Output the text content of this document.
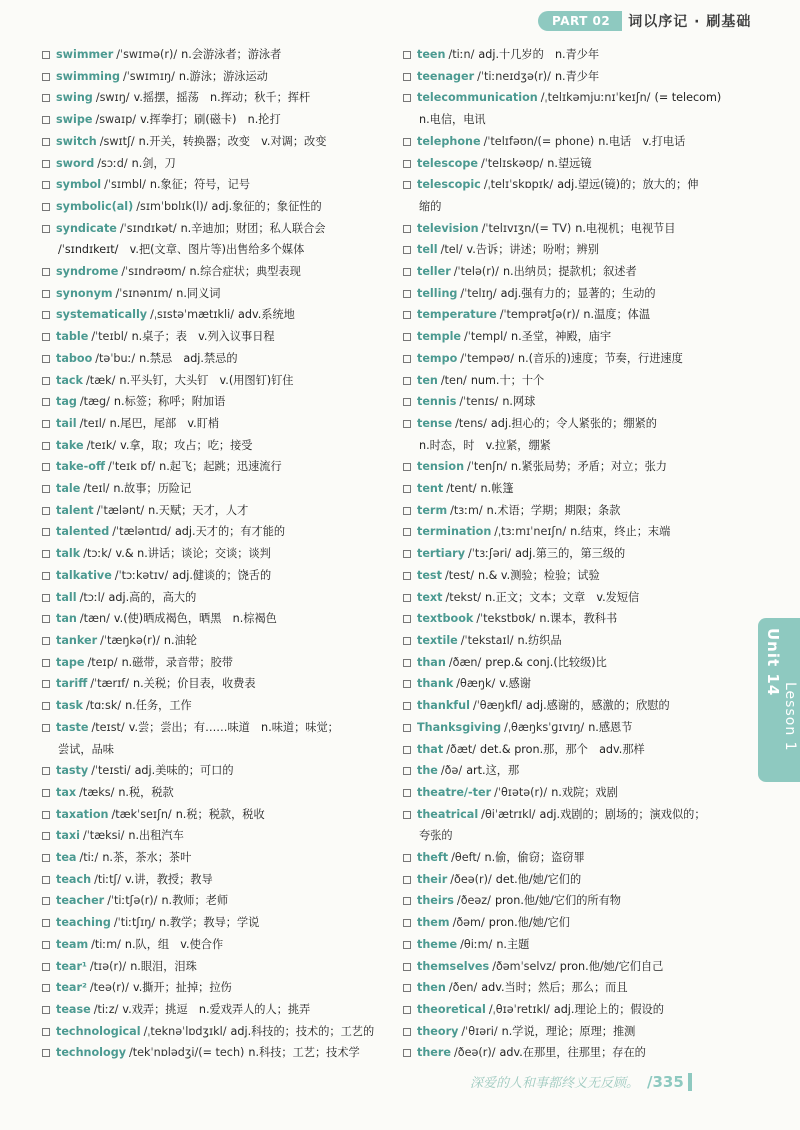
PART 02	词以序记 · 刷基础
swimmer /ˈswɪmə(r)/ n.会游泳者；游泳者
swimming /ˈswɪmɪŋ/ n.游泳；游泳运动
swing /swɪŋ/ v.摇摆，摇荡　n.挥动；秋千；挥杆
swipe /swaɪp/ v.挥拳打；刷(磁卡)　n.抡打
switch /swɪtʃ/ n.开关，转换器；改变　v.对调；改变
sword /sɔːd/ n.剑，刀
symbol /ˈsɪmbl/ n.象征；符号，记号
symbolic(al) /sɪmˈbɒlɪk(l)/ adj.象征的；象征性的
syndicate /ˈsɪndɪkət/ n.辛迪加；财团；私人联合会
/ˈsɪndɪkeɪt/　v.把(文章、图片等)出售给多个媒体
syndrome /ˈsɪndrəʊm/ n.综合症状；典型表现
synonym /ˈsɪnənɪm/ n.同义词
systematically /ˌsɪstəˈmætɪkli/ adv.系统地
table /ˈteɪbl/ n.桌子；表　v.列入议事日程
taboo /təˈbuː/ n.禁忌　adj.禁忌的
tack /tæk/ n.平头钉，大头钉　v.(用图钉)钉住
tag /tæg/ n.标签；称呼；附加语
tail /teɪl/ n.尾巴，尾部　v.盯梢
take /teɪk/ v.拿，取；攻占；吃；接受
take-off /ˈteɪk ɒf/ n.起飞；起跳；迅速流行
tale /teɪl/ n.故事；历险记
talent /ˈtælənt/ n.天赋；天才，人才
talented /ˈtæləntɪd/ adj.天才的；有才能的
talk /tɔːk/ v.& n.讲话；谈论；交谈；谈判
talkative /ˈtɔːkətɪv/ adj.健谈的；饶舌的
tall /tɔːl/ adj.高的，高大的
tan /tæn/ v.(使)晒成褐色，晒黑　n.棕褐色
tanker /ˈtæŋkə(r)/ n.油轮
tape /teɪp/ n.磁带，录音带；胶带
tariff /ˈtærɪf/ n.关税；价目表，收费表
task /tɑːsk/ n.任务，工作
taste /teɪst/ v.尝；尝出；有……味道　n.味道；味觉；
尝试，品味
tasty /ˈteɪsti/ adj.美味的；可口的
tax /tæks/ n.税，税款
taxation /tækˈseɪʃn/ n.税；税款，税收
taxi /ˈtæksi/ n.出租汽车
tea /tiː/ n.茶，茶水；茶叶
teach /tiːtʃ/ v.讲，教授；教导
teacher /ˈtiːtʃə(r)/ n.教师；老师
teaching /ˈtiːtʃɪŋ/ n.教学；教导；学说
team /tiːm/ n.队，组　v.使合作
tear¹ /tɪə(r)/ n.眼泪，泪珠
tear² /teə(r)/ v.撕开；扯掉；拉伤
tease /tiːz/ v.戏弄；挑逗　n.爱戏弄人的人；挑弄
technological /ˌteknəˈlɒdʒɪkl/ adj.科技的；技术的；工艺的
technology /tekˈnɒlədʒi/(= tech) n.科技；工艺；技术学
teen /tiːn/ adj.十几岁的　n.青少年
teenager /ˈtiːneɪdʒə(r)/ n.青少年
telecommunication /ˌtelɪkəmjuːnɪˈkeɪʃn/ (= telecom)
n.电信，电讯
telephone /ˈtelɪfəʊn/(= phone) n.电话　v.打电话
telescope /ˈtelɪskəʊp/ n.望远镜
telescopic /ˌtelɪˈskɒpɪk/ adj.望远(镜)的；放大的；伸
缩的
television /ˈtelɪvɪʒn/(= TV) n.电视机；电视节目
tell /tel/ v.告诉；讲述；吩咐；辨别
teller /ˈtelə(r)/ n.出纳员；提款机；叙述者
telling /ˈtelɪŋ/ adj.强有力的；显著的；生动的
temperature /ˈtemprətʃə(r)/ n.温度；体温
temple /ˈtempl/ n.圣堂，神殿，庙宇
tempo /ˈtempəʊ/ n.(音乐的)速度；节奏，行进速度
ten /ten/ num.十；十个
tennis /ˈtenɪs/ n.网球
tense /tens/ adj.担心的；令人紧张的；绷紧的
n.时态，时　v.拉紧，绷紧
tension /ˈtenʃn/ n.紧张局势；矛盾；对立；张力
tent /tent/ n.帐篷
term /tɜːm/ n.术语；学期；期限；条款
termination /ˌtɜːmɪˈneɪʃn/ n.结束，终止；末端
tertiary /ˈtɜːʃəri/ adj.第三的，第三级的
test /test/ n.& v.测验；检验；试验
text /tekst/ n.正文；文本；文章　v.发短信
textbook /ˈtekstbʊk/ n.课本，教科书
textile /ˈtekstaɪl/ n.纺织品
than /ðæn/ prep.& conj.(比较级)比
thank /θæŋk/ v.感谢
thankful /ˈθæŋkfl/ adj.感谢的，感激的；欣慰的
Thanksgiving /ˌθæŋksˈɡɪvɪŋ/ n.感恩节
that /ðæt/ det.& pron.那，那个　adv.那样
the /ðə/ art.这，那
theatre/-ter /ˈθɪətə(r)/ n.戏院；戏剧
theatrical /θiˈætrɪkl/ adj.戏剧的；剧场的；演戏似的；
夸张的
theft /θeft/ n.偷，偷窃；盗窃罪
their /ðeə(r)/ det.他/她/它们的
theirs /ðeəz/ pron.他/她/它们的所有物
them /ðəm/ pron.他/她/它们
theme /θiːm/ n.主题
themselves /ðəmˈselvz/ pron.他/她/它们自己
then /ðen/ adv.当时；然后；那么；而且
theoretical /ˌθɪəˈretɪkl/ adj.理论上的；假设的
theory /ˈθɪəri/ n.学说，理论；原理；推测
there /ðeə(r)/ adv.在那里，往那里；存在的
Unit 14
Lesson 1
深爱的人和事都终义无反顾。 /335
